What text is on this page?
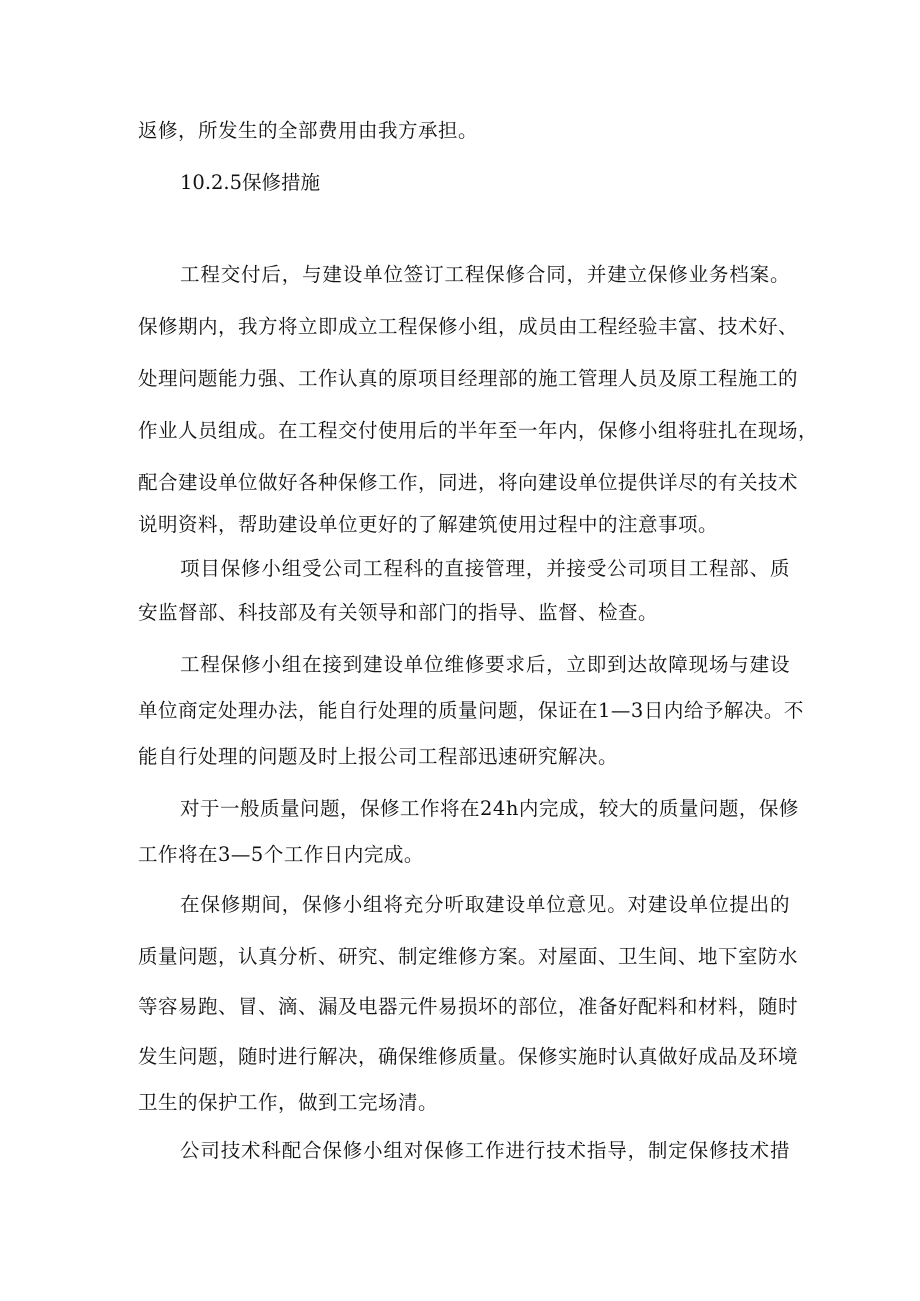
返修，所发生的全部费用由我方承担。
10.2.5保修措施
工程交付后，与建设单位签订工程保修合同，并建立保修业务档案。
保修期内，我方将立即成立工程保修小组，成员由工程经验丰富、技术好、
处理问题能力强、工作认真的原项目经理部的施工管理人员及原工程施工的
作业人员组成。在工程交付使用后的半年至一年内，保修小组将驻扎在现场，
配合建设单位做好各种保修工作，同进，将向建设单位提供详尽的有关技术
说明资料，帮助建设单位更好的了解建筑使用过程中的注意事项。
项目保修小组受公司工程科的直接管理，并接受公司项目工程部、质
安监督部、科技部及有关领导和部门的指导、监督、检查。
工程保修小组在接到建设单位维修要求后，立即到达故障现场与建设
单位商定处理办法，能自行处理的质量问题，保证在1—3日内给予解决。不
能自行处理的问题及时上报公司工程部迅速研究解决。
对于一般质量问题，保修工作将在24h内完成，较大的质量问题，保修
工作将在3—5个工作日内完成。
在保修期间，保修小组将充分听取建设单位意见。对建设单位提出的
质量问题，认真分析、研究、制定维修方案。对屋面、卫生间、地下室防水
等容易跑、冒、滴、漏及电器元件易损坏的部位，准备好配料和材料，随时
发生问题，随时进行解决，确保维修质量。保修实施时认真做好成品及环境
卫生的保护工作，做到工完场清。
公司技术科配合保修小组对保修工作进行技术指导，制定保修技术措
